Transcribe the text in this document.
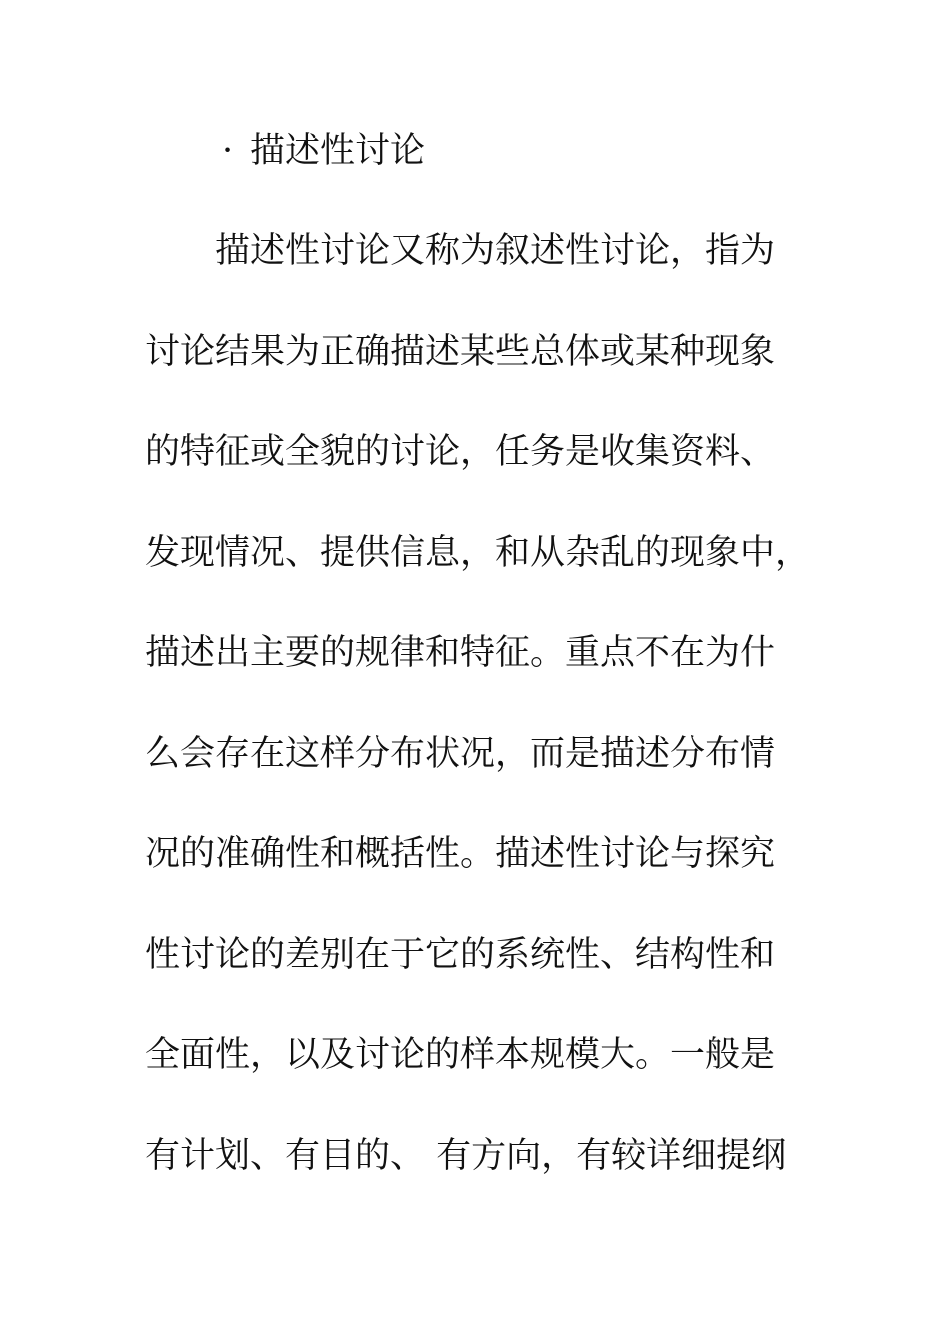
· 描述性讨论
描述性讨论又称为叙述性讨论，指为
讨论结果为正确描述某些总体或某种现象
的特征或全貌的讨论，任务是收集资料、
发现情况、提供信息，和从杂乱的现象中，
描述出主要的规律和特征。重点不在为什
么会存在这样分布状况，而是描述分布情
况的准确性和概括性。描述性讨论与探究
性讨论的差别在于它的系统性、结构性和
全面性，以及讨论的样本规模大。一般是
有计划、有目的、 有方向，有较详细提纲
